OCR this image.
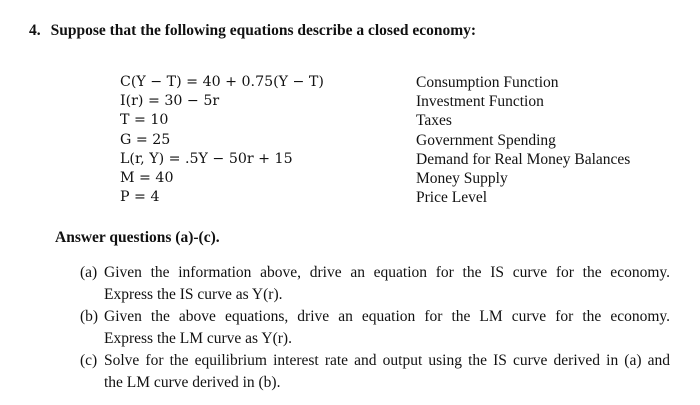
4. Suppose that the following equations describe a closed economy:
C(Y − T) = 40 + 0.75(Y − T)	Consumption Function
I(r) = 30 − 5r	Investment Function
T = 10	Taxes
G = 25	Government Spending
L(r, Y) = .5Y − 50r + 15	Demand for Real Money Balances
M = 40	Money Supply
P = 4	Price Level
Answer questions (a)-(c).
(a) Given the information above, drive an equation for the IS curve for the economy.
Express the IS curve as Y(r).
(b) Given the above equations, drive an equation for the LM curve for the economy.
Express the LM curve as Y(r).
(c) Solve for the equilibrium interest rate and output using the IS curve derived in (a) and
the LM curve derived in (b).
